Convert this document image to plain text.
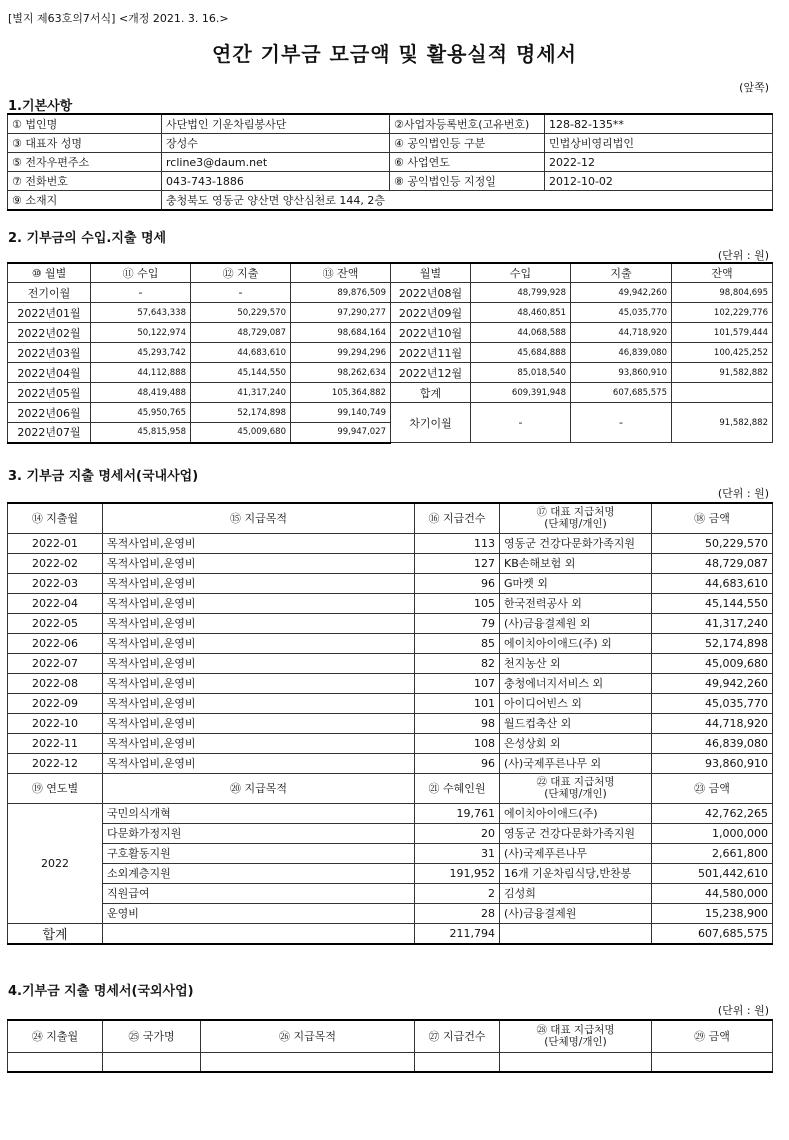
[별지 제63호의7서식] <개정 2021. 3. 16.>
연간 기부금 모금액 및 활용실적 명세서
(앞쪽)
1.기본사항
① 법인명	사단법인 기운차림봉사단	②사업자등록번호(고유번호)	128-82-135**
③ 대표자 성명	장성수	④ 공익법인등 구분	민법상비영리법인
⑤ 전자우편주소	rcline3@daum.net	⑥ 사업연도	2022-12
⑦ 전화번호	043-743-1886	⑧ 공익법인등 지정일	2012-10-02
⑨ 소재지	충청북도 영동군 양산면 양산심천로 144, 2층		
2. 기부금의 수입.지출 명세
(단위 : 원)
⑩ 월별	⑪ 수입	⑫ 지출	⑬ 잔액	월별	수입	지출	잔액
전기이월	-	-	89,876,509	2022년08월	48,799,928	49,942,260	98,804,695
2022년01월	57,643,338	50,229,570	97,290,277	2022년09월	48,460,851	45,035,770	102,229,776
2022년02월	50,122,974	48,729,087	98,684,164	2022년10월	44,068,588	44,718,920	101,579,444
2022년03월	45,293,742	44,683,610	99,294,296	2022년11월	45,684,888	46,839,080	100,425,252
2022년04월	44,112,888	45,144,550	98,262,634	2022년12월	85,018,540	93,860,910	91,582,882
2022년05월	48,419,488	41,317,240	105,364,882	합계	609,391,948	607,685,575	
2022년06월	45,950,765	52,174,898	99,140,749	차기이월	-	-	91,582,882
2022년07월	45,815,958	45,009,680	99,947,027				
3. 기부금 지출 명세서(국내사업)
(단위 : 원)
⑭ 지출월	⑮ 지급목적	⑯ 지급건수	⑰ 대표 지급처명
(단체명/개인)	⑱ 금액
2022-01	목적사업비,운영비	113	영동군 건강다문화가족지원	50,229,570
2022-02	목적사업비,운영비	127	KB손해보험 외	48,729,087
2022-03	목적사업비,운영비	96	G마켓 외	44,683,610
2022-04	목적사업비,운영비	105	한국전력공사 외	45,144,550
2022-05	목적사업비,운영비	79	(사)금융결제원 외	41,317,240
2022-06	목적사업비,운영비	85	에이치아이애드(주) 외	52,174,898
2022-07	목적사업비,운영비	82	천지농산 외	45,009,680
2022-08	목적사업비,운영비	107	충청에너지서비스 외	49,942,260
2022-09	목적사업비,운영비	101	아이디어빈스 외	45,035,770
2022-10	목적사업비,운영비	98	월드컵축산 외	44,718,920
2022-11	목적사업비,운영비	108	은성상회 외	46,839,080
2022-12	목적사업비,운영비	96	(사)국제푸른나무 외	93,860,910
⑲ 연도별	⑳ 지급목적	㉑ 수혜인원	㉒ 대표 지급처명
(단체명/개인)	㉓ 금액
2022	국민의식개혁	19,761	에이치아이애드(주)	42,762,265
	다문화가정지원	20	영동군 건강다문화가족지원	1,000,000
	구호활동지원	31	(사)국제푸른나무	2,661,800
	소외계층지원	191,952	16개 기운차림식당,반찬봉	501,442,610
	직원급여	2	김성희	44,580,000
	운영비	28	(사)금융결제원	15,238,900
합계		211,794		607,685,575
4.기부금 지출 명세서(국외사업)
(단위 : 원)
㉔ 지출월	㉕ 국가명	㉖ 지급목적	㉗ 지급건수	㉘ 대표 지급처명
(단체명/개인)	㉙ 금액
